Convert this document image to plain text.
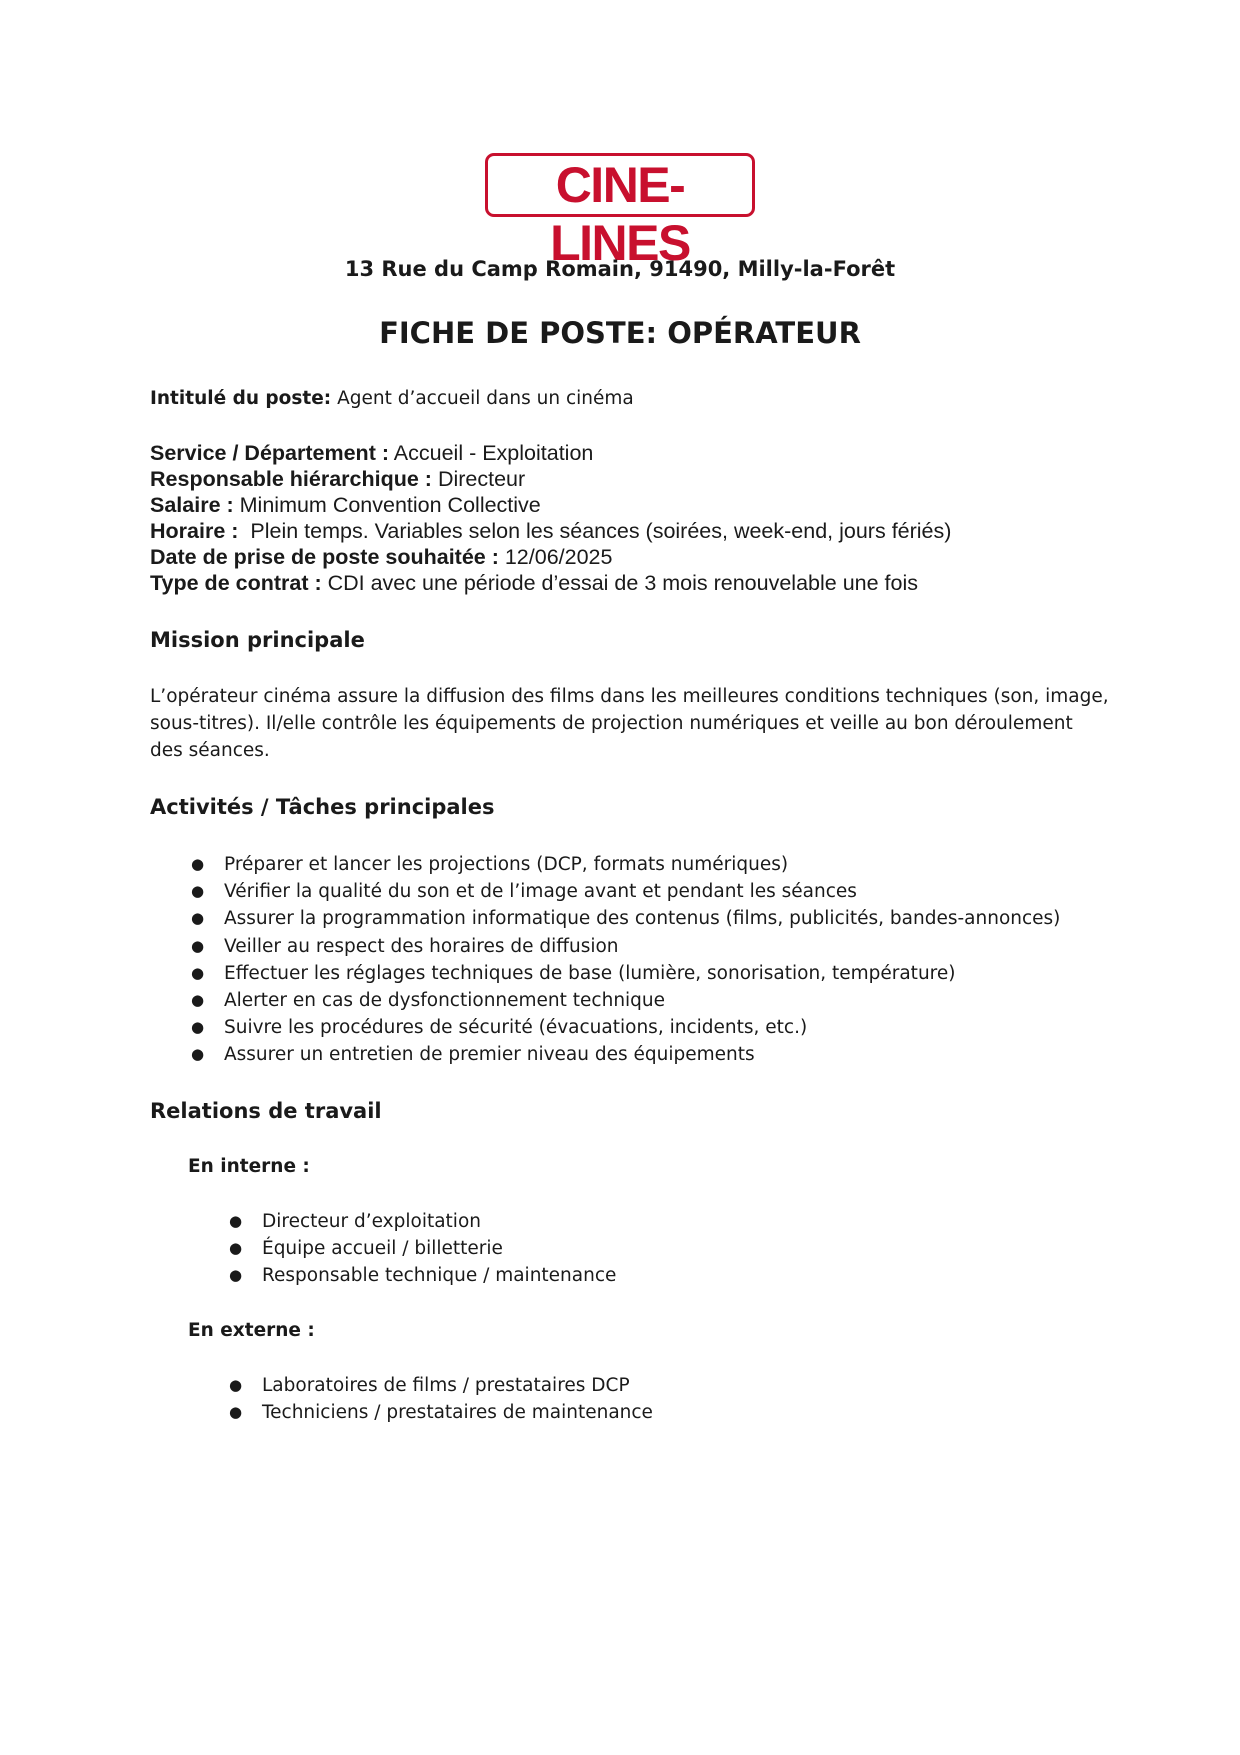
CINE-LINES
13 Rue du Camp Romain, 91490, Milly-la-Forêt
FICHE DE POSTE: OPÉRATEUR

Intitulé du poste: Agent d’accueil dans un cinéma

Service / Département : Accueil - Exploitation

Responsable hiérarchique : Directeur

Salaire : Minimum Convention Collective

Horaire :  Plein temps. Variables selon les séances (soirées, week-end, jours fériés)

Date de prise de poste souhaitée : 12/06/2025

Type de contrat : CDI avec une période d’essai de 3 mois renouvelable une fois

Mission principale

L’opérateur cinéma assure la diffusion des films dans les meilleures conditions techniques (son, image, sous-titres). Il/elle contrôle les équipements de projection numériques et veille au bon déroulement des séances.

Activités / Tâches principales
● Préparer et lancer les projections (DCP, formats numériques)
● Vérifier la qualité du son et de l’image avant et pendant les séances
● Assurer la programmation informatique des contenus (films, publicités, bandes-annonces)
● Veiller au respect des horaires de diffusion
● Effectuer les réglages techniques de base (lumière, sonorisation, température)
● Alerter en cas de dysfonctionnement technique
● Suivre les procédures de sécurité (évacuations, incidents, etc.)
● Assurer un entretien de premier niveau des équipements
Relations de travail

En interne :

● Directeur d’exploitation
● Équipe accueil / billetterie
● Responsable technique / maintenance

En externe :

● Laboratoires de films / prestataires DCP
● Techniciens / prestataires de maintenance
